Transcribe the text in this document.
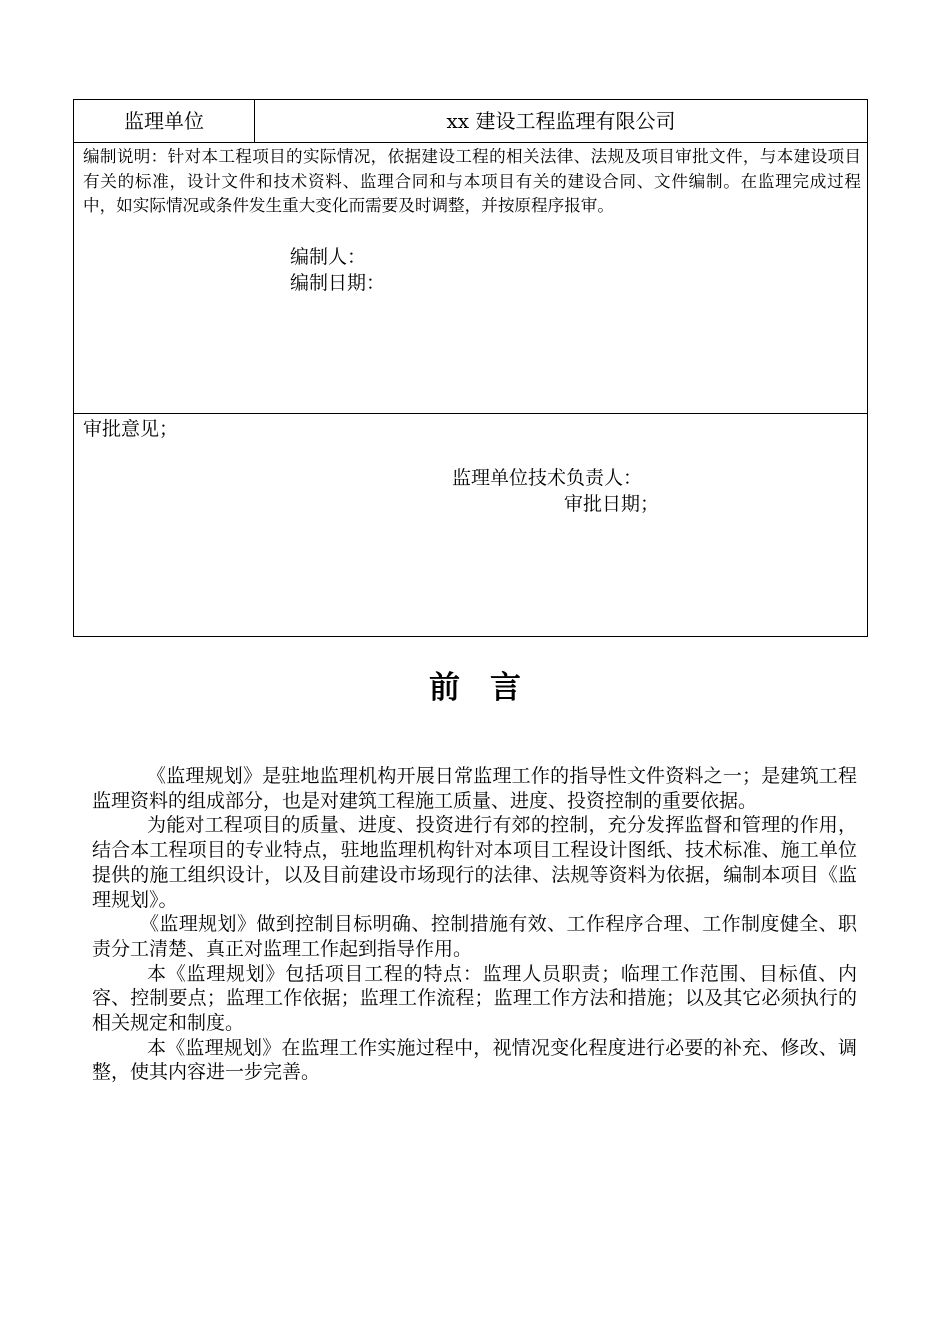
监理单位	xx 建设工程监理有限公司
编制说明：针对本工程项目的实际情况，依据建设工程的相关法律、法规及项目审批文件，与本建设项目有关的标准，设计文件和技术资料、监理合同和与本项目有关的建设合同、文件编制。在监理完成过程中，如实际情况或条件发生重大变化而需要及时调整，并按原程序报审。
编制人：
编制日期：
审批意见；
监理单位技术负责人：
审批日期；
前言

《监理规划》是驻地监理机构开展日常监理工作的指导性文件资料之一；是建筑工程监理资料的组成部分，也是对建筑工程施工质量、进度、投资控制的重要依据。

为能对工程项目的质量、进度、投资进行有郊的控制，充分发挥监督和管理的作用，结合本工程项目的专业特点，驻地监理机构针对本项目工程设计图纸、技术标准、施工单位提供的施工组织设计，以及目前建设市场现行的法律、法规等资料为依据，编制本项目《监理规划》。

《监理规划》做到控制目标明确、控制措施有效、工作程序合理、工作制度健全、职责分工清楚、真正对监理工作起到指导作用。

本《监理规划》包括项目工程的特点：监理人员职责；临理工作范围、目标值、内容、控制要点；监理工作依据；监理工作流程；监理工作方法和措施；以及其它必须执行的相关规定和制度。

本《监理规划》在监理工作实施过程中，视情况变化程度进行必要的补充、修改、调整，使其内容进一步完善。
